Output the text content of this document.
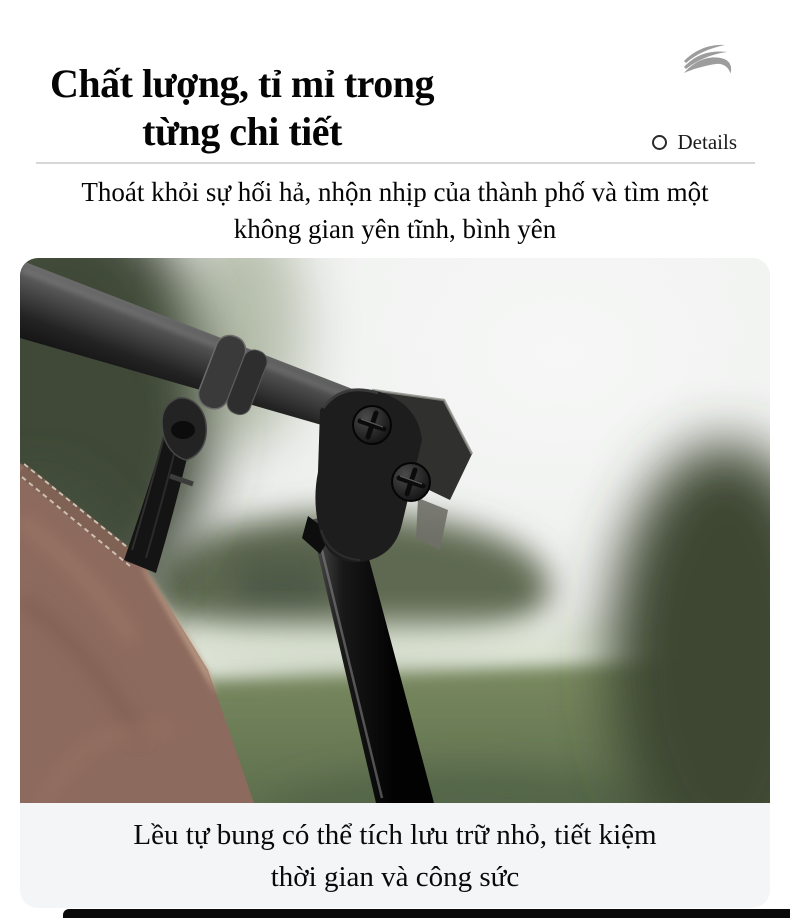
Chất lượng, tỉ mỉ trong
từng chi tiết	Details
Thoát khỏi sự hối hả, nhộn nhịp của thành phố và tìm một
không gian yên tĩnh, bình yên
Lều tự bung có thể tích lưu trữ nhỏ, tiết kiệm
thời gian và công sức
